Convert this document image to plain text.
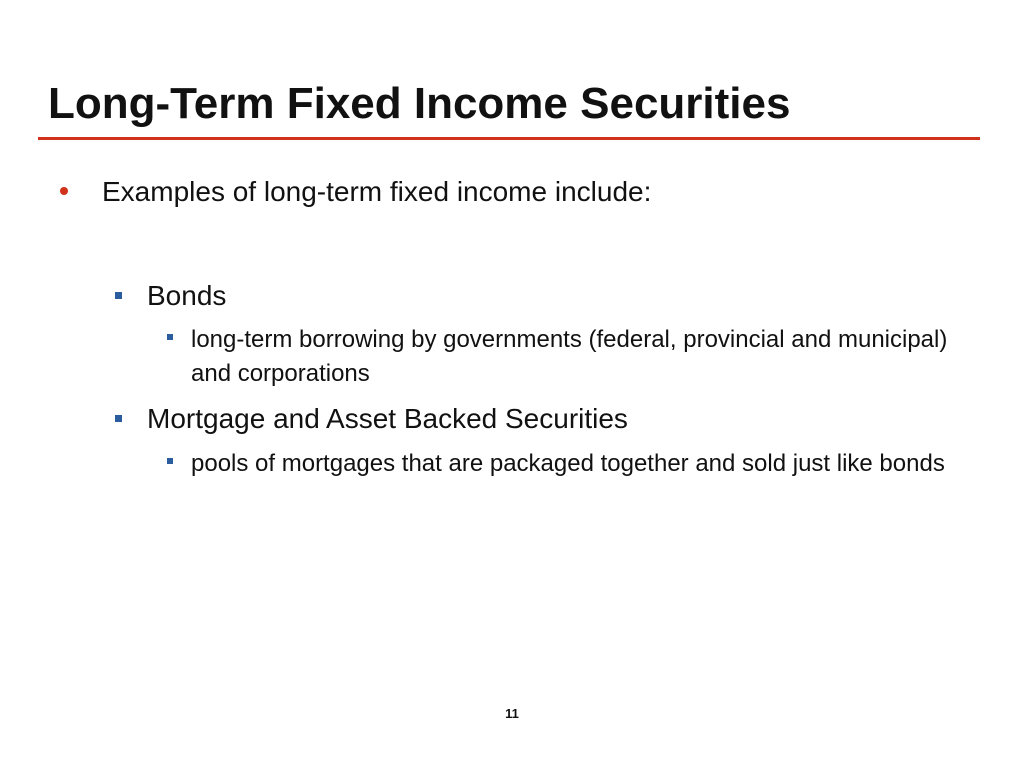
Long-Term Fixed Income Securities
Examples of long-term fixed income include:
Bonds
long-term borrowing by governments (federal, provincial and municipal) and corporations
Mortgage and Asset Backed Securities
pools of mortgages that are packaged together and sold just like bonds
11
